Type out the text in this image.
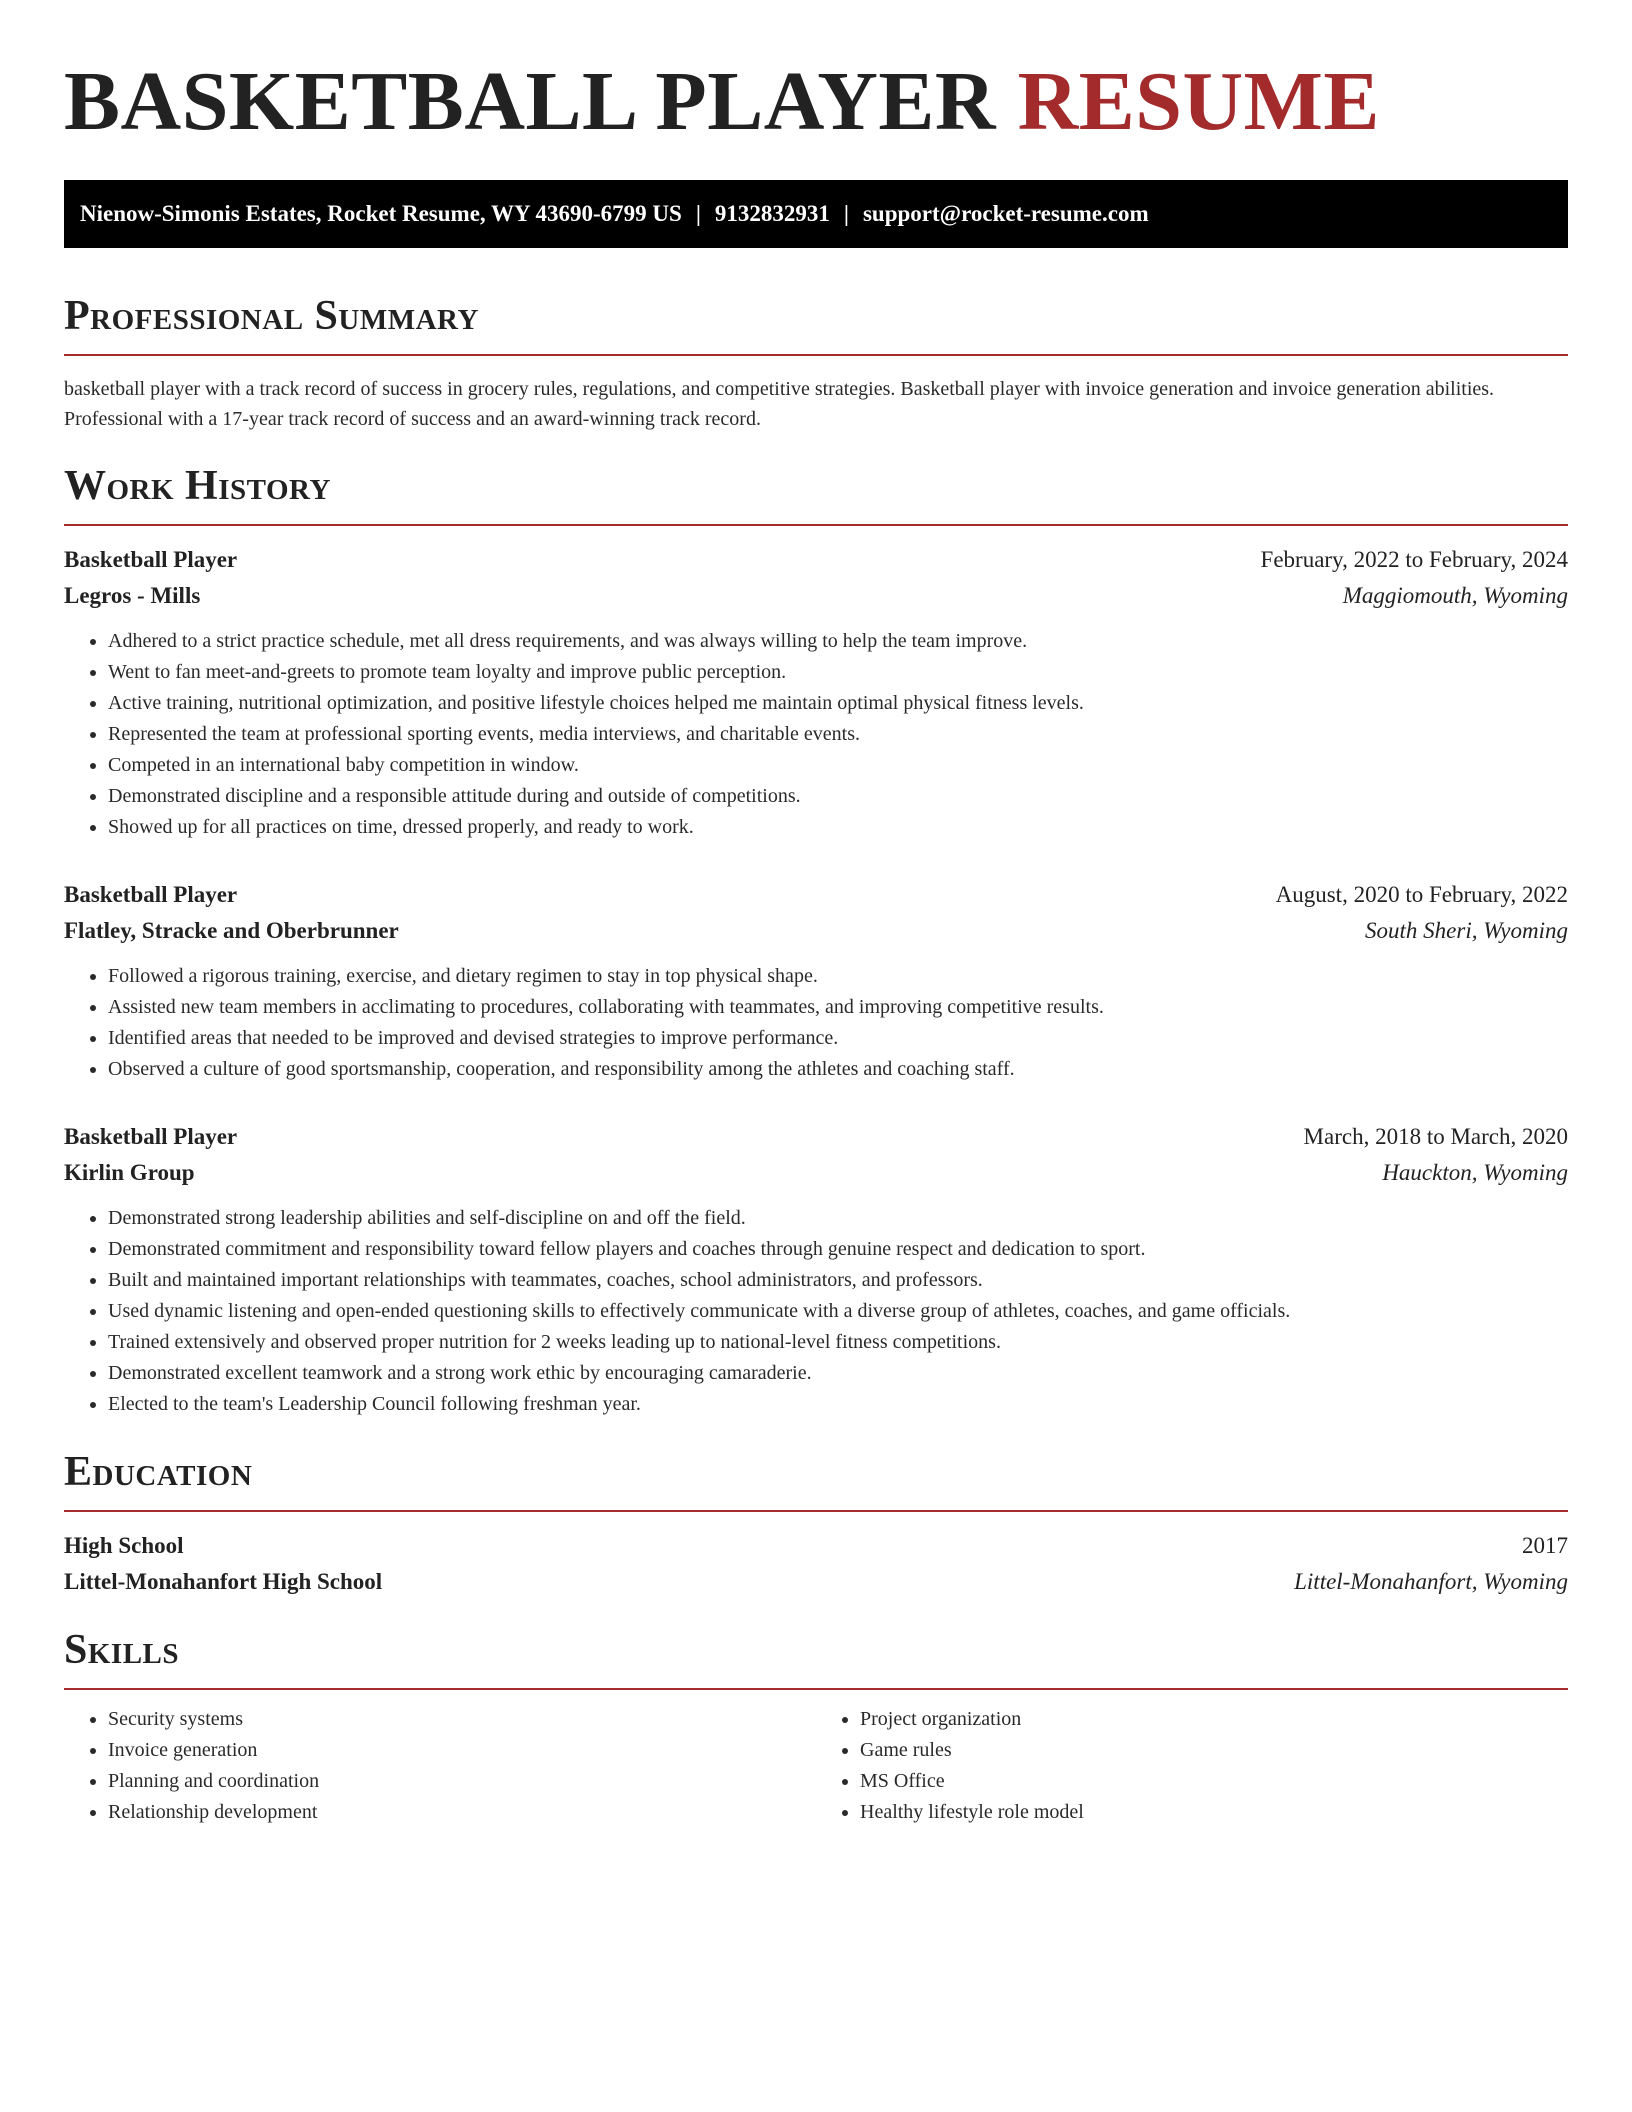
BASKETBALL PLAYER RESUME
Nienow-Simonis Estates, Rocket Resume, WY 43690-6799 US | 9132832931 | support@rocket-resume.com
Professional Summary

basketball player with a track record of success in grocery rules, regulations, and competitive strategies. Basketball player with invoice generation and invoice generation abilities. Professional with a 17-year track record of success and an award-winning track record.

Work History
Basketball Player	February, 2022 to February, 2024
Legros - Mills	Maggiomouth, Wyoming
• Adhered to a strict practice schedule, met all dress requirements, and was always willing to help the team improve.
• Went to fan meet-and-greets to promote team loyalty and improve public perception.
• Active training, nutritional optimization, and positive lifestyle choices helped me maintain optimal physical fitness levels.
• Represented the team at professional sporting events, media interviews, and charitable events.
• Competed in an international baby competition in window.
• Demonstrated discipline and a responsible attitude during and outside of competitions.
• Showed up for all practices on time, dressed properly, and ready to work.
Basketball Player	August, 2020 to February, 2022
Flatley, Stracke and Oberbrunner	South Sheri, Wyoming
• Followed a rigorous training, exercise, and dietary regimen to stay in top physical shape.
• Assisted new team members in acclimating to procedures, collaborating with teammates, and improving competitive results.
• Identified areas that needed to be improved and devised strategies to improve performance.
• Observed a culture of good sportsmanship, cooperation, and responsibility among the athletes and coaching staff.
Basketball Player	March, 2018 to March, 2020
Kirlin Group	Hauckton, Wyoming
• Demonstrated strong leadership abilities and self-discipline on and off the field.
• Demonstrated commitment and responsibility toward fellow players and coaches through genuine respect and dedication to sport.
• Built and maintained important relationships with teammates, coaches, school administrators, and professors.
• Used dynamic listening and open-ended questioning skills to effectively communicate with a diverse group of athletes, coaches, and game officials.
• Trained extensively and observed proper nutrition for 2 weeks leading up to national-level fitness competitions.
• Demonstrated excellent teamwork and a strong work ethic by encouraging camaraderie.
• Elected to the team's Leadership Council following freshman year.
Education
High School	2017
Littel-Monahanfort High School	Littel-Monahanfort, Wyoming
Skills
• Security systems
• Invoice generation
• Planning and coordination
• Relationship development
• Project organization
• Game rules
• MS Office
• Healthy lifestyle role model
